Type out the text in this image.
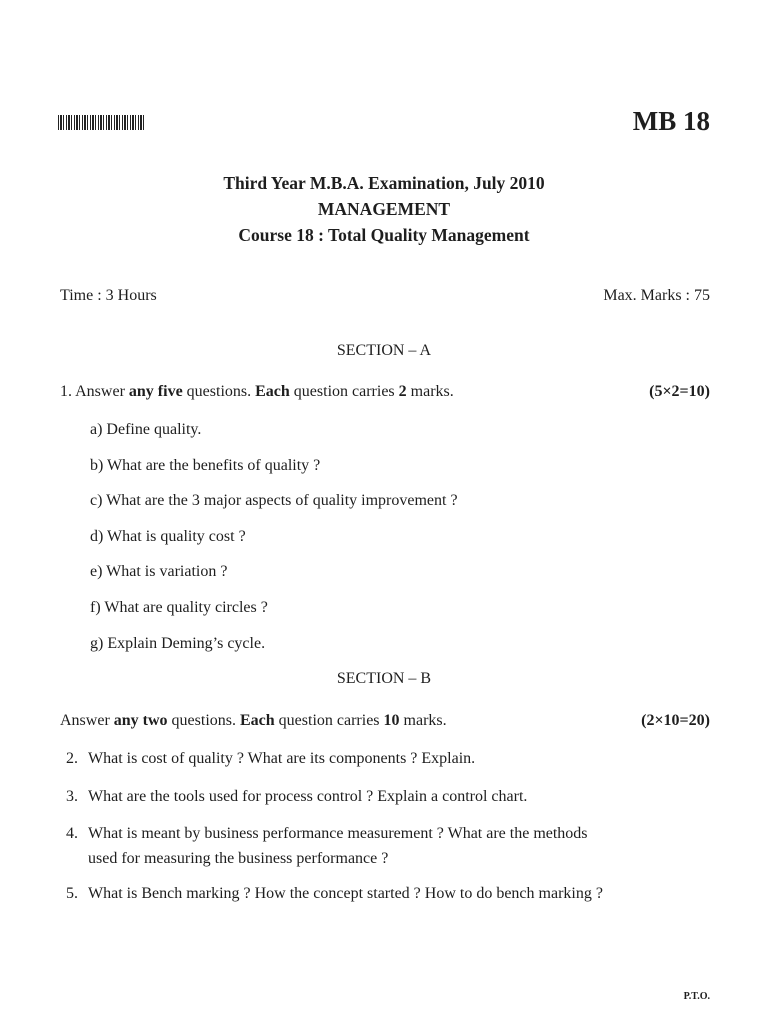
MB 18
Third Year M.B.A. Examination, July 2010
MANAGEMENT
Course 18 : Total Quality Management
Time : 3 Hours	Max. Marks : 75
SECTION – A
1. Answer any five questions. Each question carries 2 marks.	(5×2=10)
a) Define quality.
b) What are the benefits of quality ?
c) What are the 3 major aspects of quality improvement ?
d) What is quality cost ?
e) What is variation ?
f) What are quality circles ?
g) Explain Deming’s cycle.
SECTION – B
Answer any two questions. Each question carries 10 marks.	(2×10=20)
2. What is cost of quality ? What are its components ? Explain.
3. What are the tools used for process control ? Explain a control chart.
4. What is meant by business performance measurement ? What are the methods
used for measuring the business performance ?
5. What is Bench marking ? How the concept started ? How to do bench marking ?
P.T.O.
